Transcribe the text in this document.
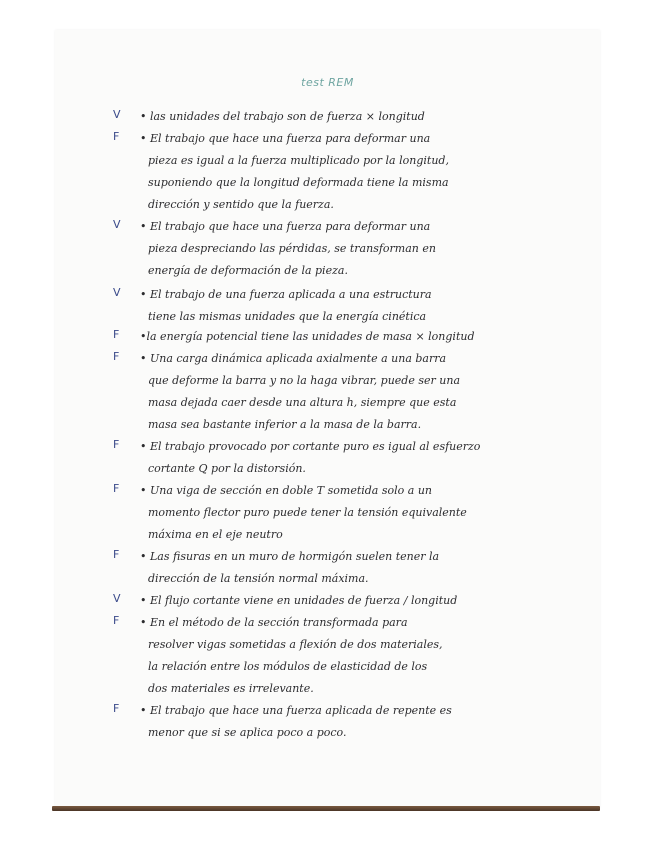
test REM
V • las unidades del trabajo son de fuerza × longitud
F • El trabajo que hace una fuerza para deformar una
pieza es igual a la fuerza multiplicado por la longitud,
suponiendo que la longitud deformada tiene la misma
dirección y sentido que la fuerza.
V • El trabajo que hace una fuerza para deformar una
pieza despreciando las pérdidas, se transforman en
energía de deformación de la pieza.
V • El trabajo de una fuerza aplicada a una estructura
tiene las mismas unidades que la energía cinética
F •la energía potencial tiene las unidades de masa × longitud
F • Una carga dinámica aplicada axialmente a una barra
que deforme la barra y no la haga vibrar, puede ser una
masa dejada caer desde una altura h, siempre que esta
masa sea bastante inferior a la masa de la barra.
F • El trabajo provocado por cortante puro es igual al esfuerzo
cortante Q por la distorsión.
F • Una viga de sección en doble T sometida solo a un
momento flector puro puede tener la tensión equivalente
máxima en el eje neutro
F • Las fisuras en un muro de hormigón suelen tener la
dirección de la tensión normal máxima.
V • El flujo cortante viene en unidades de fuerza / longitud
F • En el método de la sección transformada para
resolver vigas sometidas a flexión de dos materiales,
la relación entre los módulos de elasticidad de los
dos materiales es irrelevante.
F • El trabajo que hace una fuerza aplicada de repente es
menor que si se aplica poco a poco.
